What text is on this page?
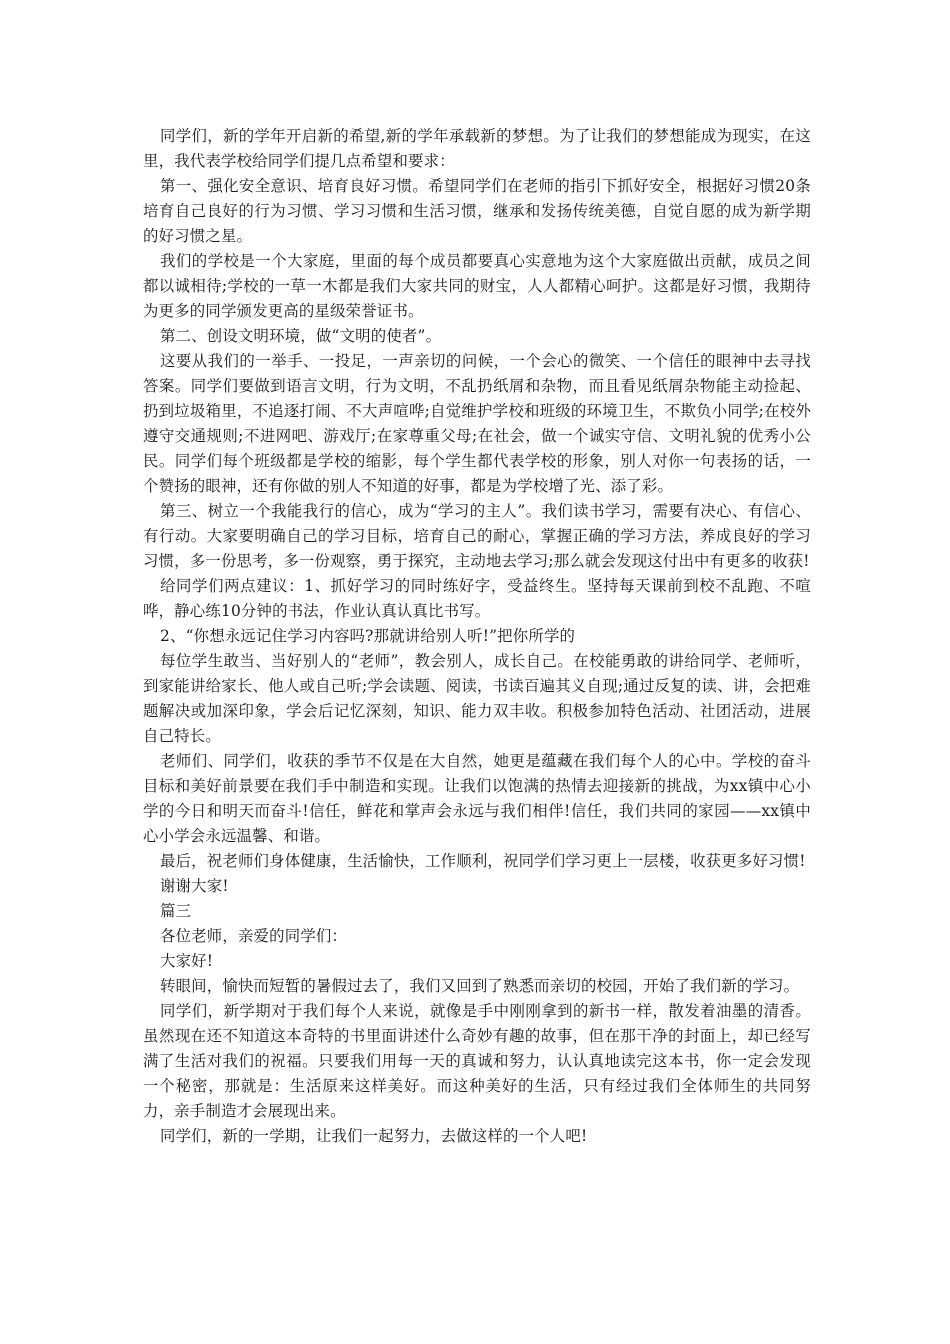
同学们，新的学年开启新的希望,新的学年承载新的梦想。为了让我们的梦想能成为现实，在这里，我代表学校给同学们提几点希望和要求：

第一、强化安全意识、培育良好习惯。希望同学们在老师的指引下抓好安全，根据好习惯20条培育自己良好的行为习惯、学习习惯和生活习惯，继承和发扬传统美德，自觉自愿的成为新学期的好习惯之星。

我们的学校是一个大家庭，里面的每个成员都要真心实意地为这个大家庭做出贡献，成员之间都以诚相待;学校的一草一木都是我们大家共同的财宝，人人都精心呵护。这都是好习惯，我期待为更多的同学颁发更高的星级荣誉证书。

第二、创设文明环境，做“文明的使者”。

这要从我们的一举手、一投足，一声亲切的问候，一个会心的微笑、一个信任的眼神中去寻找答案。同学们要做到语言文明，行为文明，不乱扔纸屑和杂物，而且看见纸屑杂物能主动捡起、扔到垃圾箱里，不追逐打闹、不大声喧哗;自觉维护学校和班级的环境卫生，不欺负小同学;在校外遵守交通规则;不进网吧、游戏厅;在家尊重父母;在社会，做一个诚实守信、文明礼貌的优秀小公民。同学们每个班级都是学校的缩影，每个学生都代表学校的形象，别人对你一句表扬的话，一个赞扬的眼神，还有你做的别人不知道的好事，都是为学校增了光、添了彩。

第三、树立一个我能我行的信心，成为“学习的主人”。我们读书学习，需要有决心、有信心、有行动。大家要明确自己的学习目标，培育自己的耐心，掌握正确的学习方法，养成良好的学习习惯，多一份思考，多一份观察，勇于探究，主动地去学习;那么就会发现这付出中有更多的收获!

给同学们两点建议：1、抓好学习的同时练好字，受益终生。坚持每天课前到校不乱跑、不喧哗，静心练10分钟的书法，作业认真认真比书写。

2、“你想永远记住学习内容吗?那就讲给别人听!”把你所学的

每位学生敢当、当好别人的“老师”，教会别人，成长自己。在校能勇敢的讲给同学、老师听，到家能讲给家长、他人或自己听;学会读题、阅读，书读百遍其义自现;通过反复的读、讲，会把难题解决或加深印象，学会后记忆深刻，知识、能力双丰收。积极参加特色活动、社团活动，进展自己特长。

老师们、同学们，收获的季节不仅是在大自然，她更是蕴藏在我们每个人的心中。学校的奋斗目标和美好前景要在我们手中制造和实现。让我们以饱满的热情去迎接新的挑战，为xx镇中心小学的今日和明天而奋斗!信任，鲜花和掌声会永远与我们相伴!信任，我们共同的家园——xx镇中心小学会永远温馨、和谐。

最后，祝老师们身体健康，生活愉快，工作顺利，祝同学们学习更上一层楼，收获更多好习惯!

谢谢大家!

篇三

各位老师，亲爱的同学们：

大家好!

转眼间，愉快而短暂的暑假过去了，我们又回到了熟悉而亲切的校园，开始了我们新的学习。

同学们，新学期对于我们每个人来说，就像是手中刚刚拿到的新书一样，散发着油墨的清香。虽然现在还不知道这本奇特的书里面讲述什么奇妙有趣的故事，但在那干净的封面上，却已经写满了生活对我们的祝福。只要我们用每一天的真诚和努力，认认真地读完这本书，你一定会发现一个秘密，那就是：生活原来这样美好。而这种美好的生活，只有经过我们全体师生的共同努力，亲手制造才会展现出来。

同学们，新的一学期，让我们一起努力，去做这样的一个人吧!
